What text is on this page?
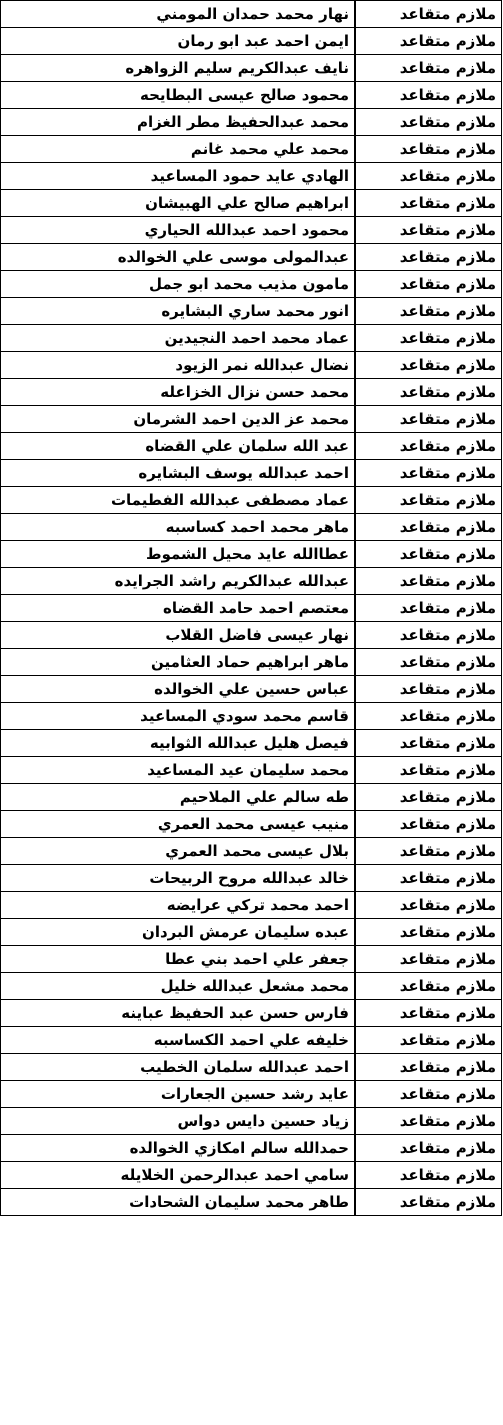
ملازم متقاعد	نهار محمد حمدان المومني
ملازم متقاعد	ايمن احمد عبد ابو رمان
ملازم متقاعد	نايف عبدالكريم سليم الزواهره
ملازم متقاعد	محمود صالح عيسى البطايحه
ملازم متقاعد	محمد عبدالحفيظ مطر الغزام
ملازم متقاعد	محمد علي محمد غانم
ملازم متقاعد	الهادي عايد حمود المساعيد
ملازم متقاعد	ابراهيم صالح علي الهبيشان
ملازم متقاعد	محمود احمد عبدالله الحياري
ملازم متقاعد	عبدالمولى موسى علي الخوالده
ملازم متقاعد	مامون مذيب محمد ابو جمل
ملازم متقاعد	انور محمد ساري البشايره
ملازم متقاعد	عماد محمد احمد النجيدين
ملازم متقاعد	نضال عبدالله نمر الزيود
ملازم متقاعد	محمد حسن نزال الخزاعله
ملازم متقاعد	محمد عز الدين احمد الشرمان
ملازم متقاعد	عبد الله سلمان علي القضاه
ملازم متقاعد	احمد عبدالله يوسف البشايره
ملازم متقاعد	عماد مصطفى عبدالله الفطيمات
ملازم متقاعد	ماهر محمد احمد كساسبه
ملازم متقاعد	عطاالله عايد محيل الشموط
ملازم متقاعد	عبدالله عبدالكريم راشد الجرايده
ملازم متقاعد	معتصم احمد حامد القضاه
ملازم متقاعد	نهار عيسى فاضل القلاب
ملازم متقاعد	ماهر ابراهيم حماد العثامين
ملازم متقاعد	عباس حسين علي الخوالده
ملازم متقاعد	قاسم محمد سودي المساعيد
ملازم متقاعد	فيصل هليل عبدالله الثوابيه
ملازم متقاعد	محمد سليمان عيد المساعيد
ملازم متقاعد	طه سالم علي الملاحيم
ملازم متقاعد	منيب عيسى محمد العمري
ملازم متقاعد	بلال عيسى محمد العمري
ملازم متقاعد	خالد عبدالله مروح الربيحات
ملازم متقاعد	احمد محمد تركي عرايضه
ملازم متقاعد	عبده سليمان عرمش البردان
ملازم متقاعد	جعفر علي احمد بني عطا
ملازم متقاعد	محمد مشعل عبدالله خليل
ملازم متقاعد	فارس حسن عبد الحفيظ عباينه
ملازم متقاعد	خليفه علي احمد الكساسبه
ملازم متقاعد	احمد عبدالله سلمان الخطيب
ملازم متقاعد	عايد رشد حسين الجعارات
ملازم متقاعد	زياد حسين دايس دواس
ملازم متقاعد	حمدالله سالم امكازي الخوالده
ملازم متقاعد	سامي احمد عبدالرحمن الخلايله
ملازم متقاعد	طاهر محمد سليمان الشحادات
